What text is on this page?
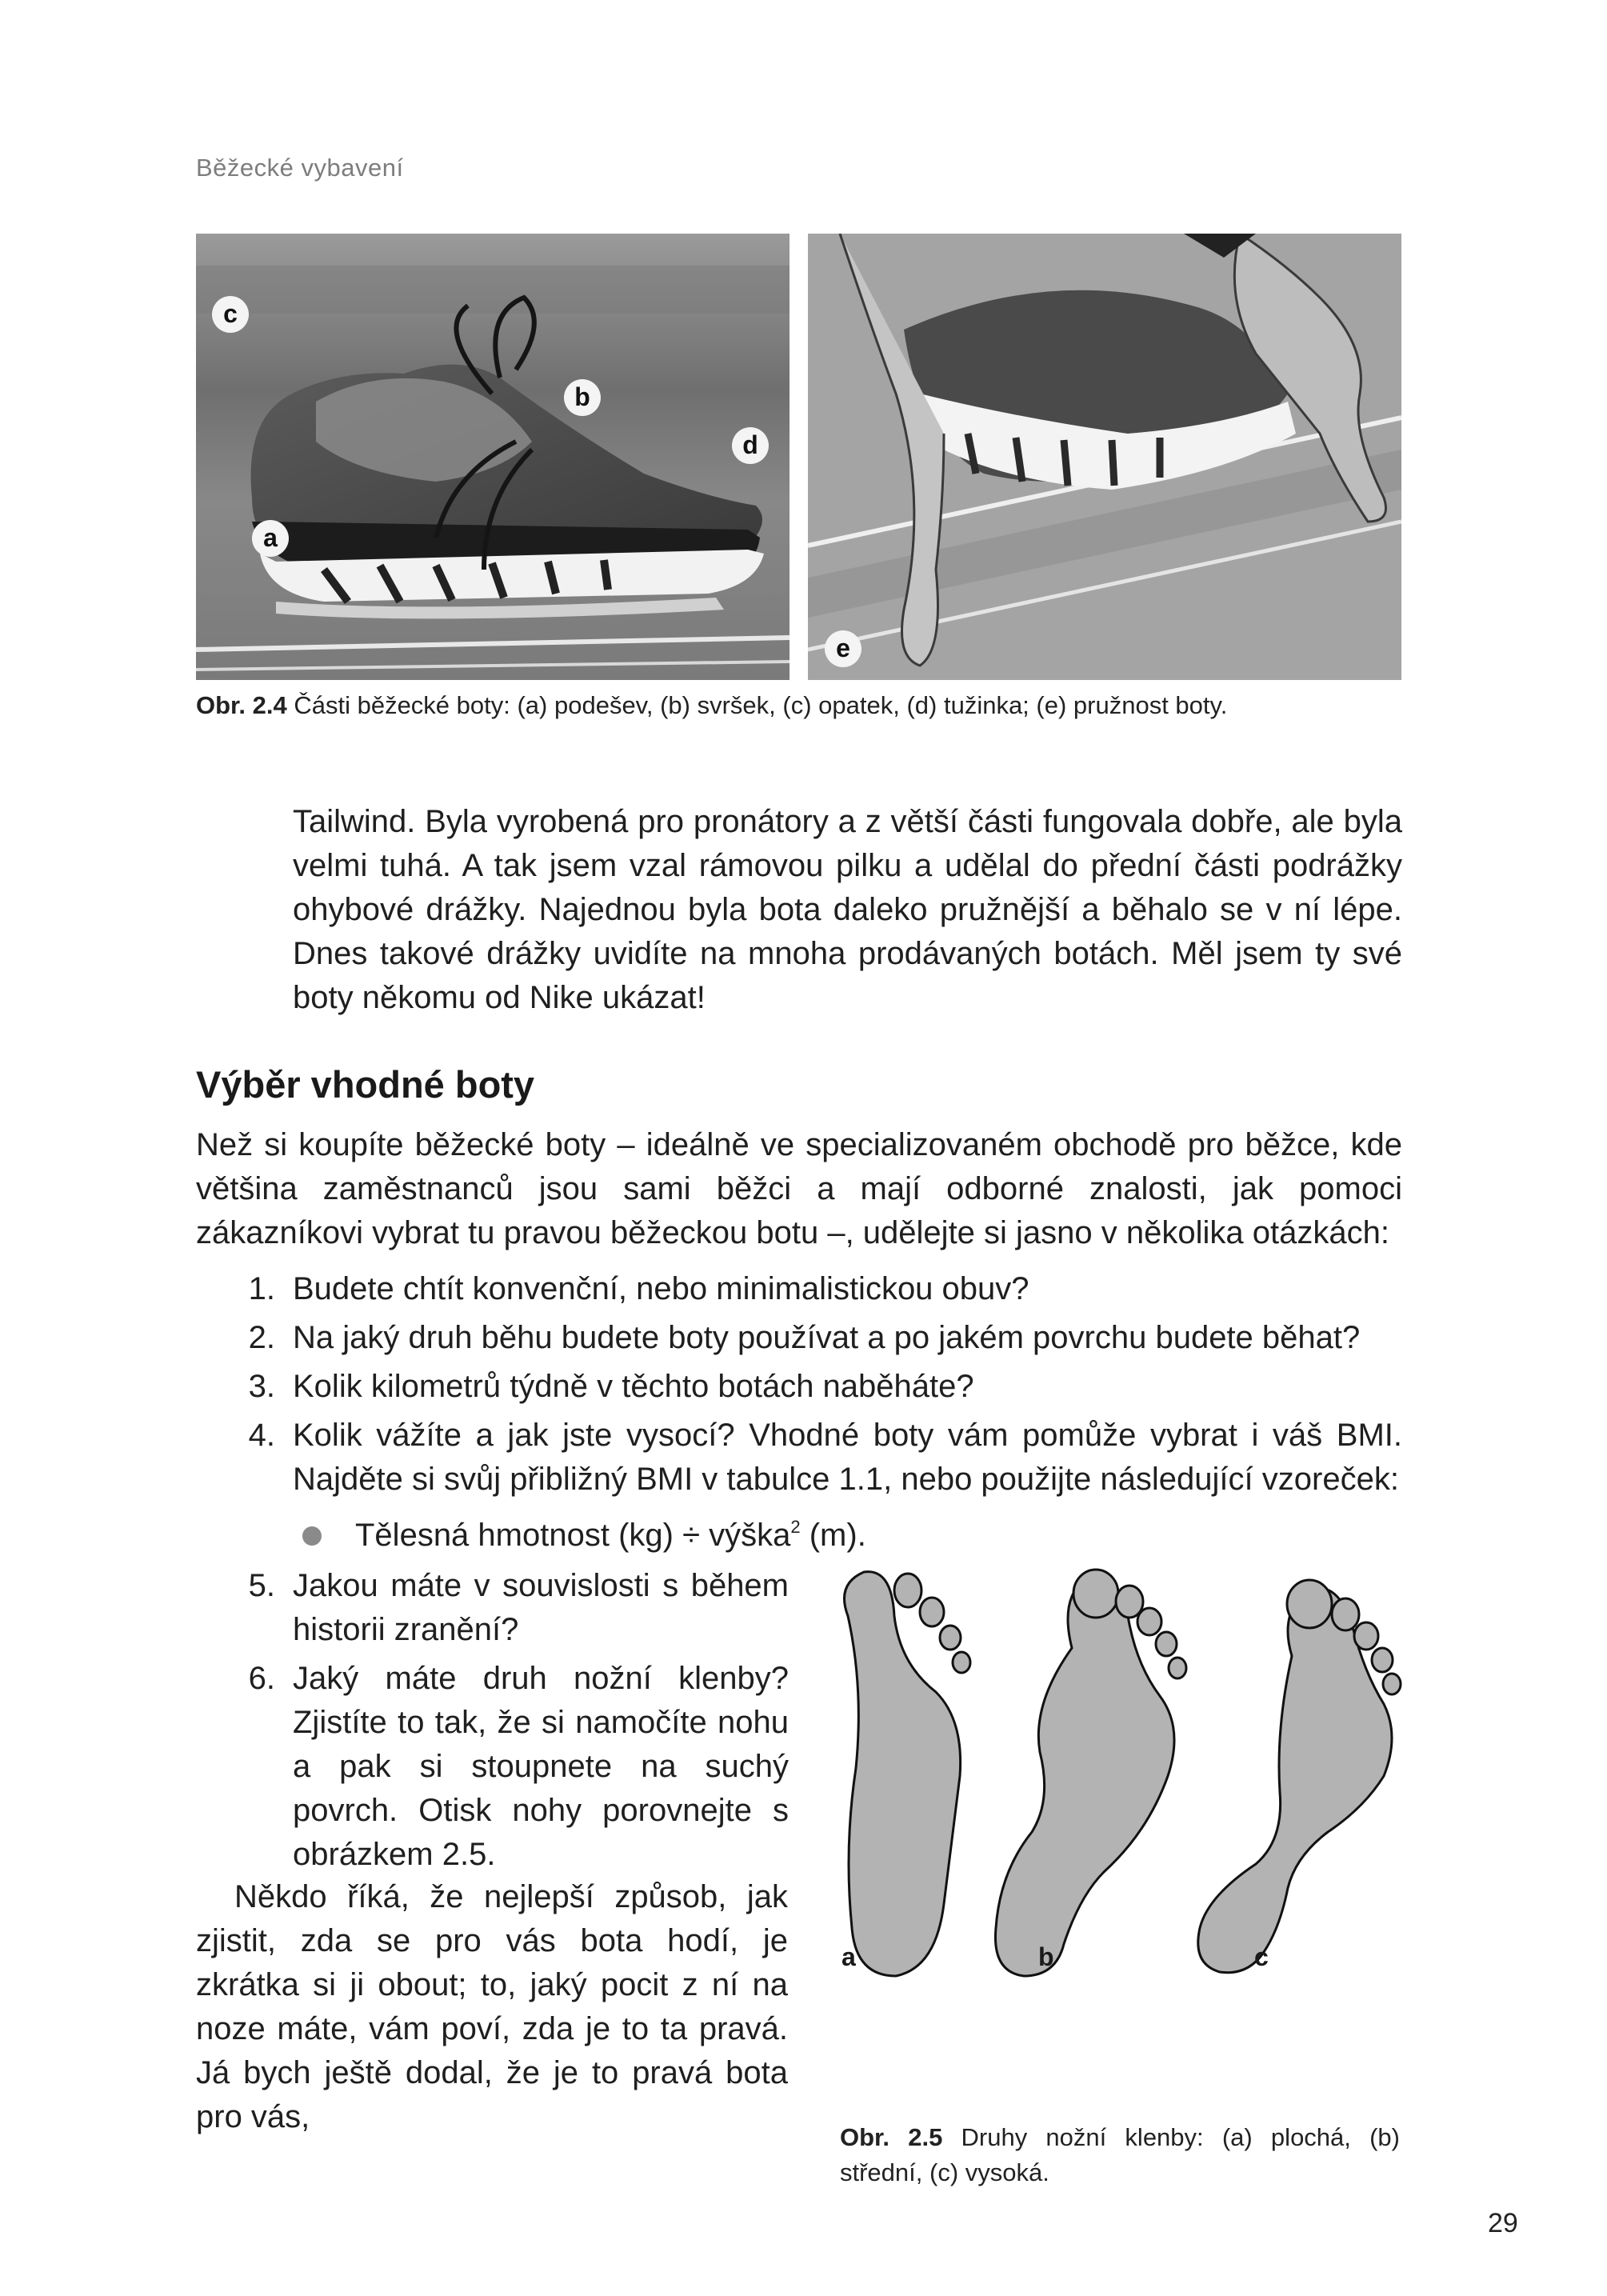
Běžecké vybavení
c
b
d
a
e
Obr. 2.4 Části běžecké boty: (a) podešev, (b) svršek, (c) opatek, (d) tužinka; (e) pružnost boty.

Tailwind. Byla vyrobená pro pronátory a z větší části fungovala dobře, ale byla velmi tuhá. A tak jsem vzal rámovou pilku a udělal do přední části podrážky ohybové drážky. Najednou byla bota daleko pružnější a běhalo se v ní lépe. Dnes takové drážky uvidíte na mnoha prodávaných botách. Měl jsem ty své boty někomu od Nike ukázat!

Výběr vhodné boty
Než si koupíte běžecké boty – ideálně ve specializovaném obchodě pro běžce, kde většina zaměstnanců jsou sami běžci a mají odborné znalosti, jak pomoci zákazníkovi vybrat tu pravou běžeckou botu –, udělejte si jasno v několika otázkách:
1. Budete chtít konvenční, nebo minimalistickou obuv?
2. Na jaký druh běhu budete boty používat a po jakém povrchu budete běhat?
3. Kolik kilometrů týdně v těchto botách naběháte?
4. Kolik vážíte a jak jste vysocí? Vhodné boty vám pomůže vybrat i váš BMI. Najděte si svůj přibližný BMI v tabulce 1.1, nebo použijte následující vzoreček:
Tělesná hmotnost (kg) ÷ výška$^2$ (m).
5. Jakou máte v souvislosti s během historii zranění?
6. Jaký máte druh nožní klenby? Zjistíte to tak, že si namočíte nohu a pak si stoupnete na suchý povrch. Otisk nohy porovnejte s obrázkem 2.5.
Někdo říká, že nejlepší způsob, jak zjistit, zda se pro vás bota hodí, je zkrátka si ji obout; to, jaký pocit z ní na noze máte, vám poví, zda je to ta pravá. Já bych ještě dodal, že je to pravá bota pro vás,
a	b	c
Obr. 2.5 Druhy nožní klenby: (a) plochá, (b) střední, (c) vysoká.
29
